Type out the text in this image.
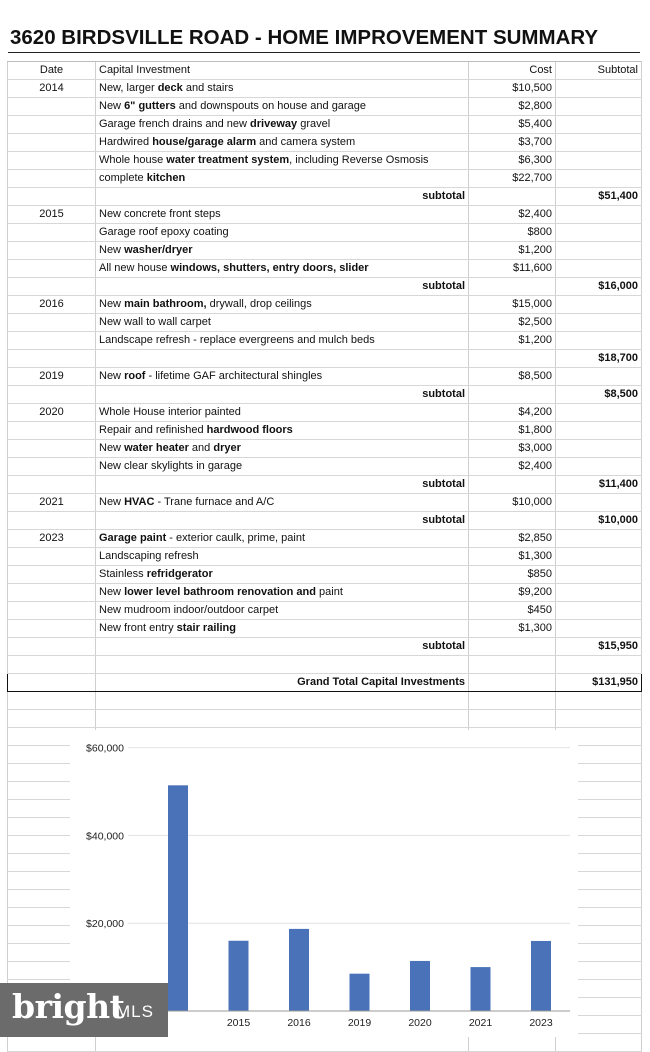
3620 BIRDSVILLE ROAD - HOME IMPROVEMENT SUMMARY
Date	Capital Investment	Cost	Subtotal
2014	New, larger deck and stairs	$10,500	
	New 6" gutters and downspouts on house and garage	$2,800	
	Garage french drains and new driveway gravel	$5,400	
	Hardwired house/garage alarm and camera system	$3,700	
	Whole house water treatment system, including Reverse Osmosis	$6,300	
	complete kitchen	$22,700	
	subtotal		$51,400
2015	New concrete front steps	$2,400	
	Garage roof epoxy coating	$800	
	New washer/dryer	$1,200	
	All new house windows, shutters, entry doors, slider	$11,600	
	subtotal		$16,000
2016	New main bathroom, drywall, drop ceilings	$15,000	
	New wall to wall carpet	$2,500	
	Landscape refresh - replace evergreens and mulch beds	$1,200	
			$18,700
2019	New roof - lifetime GAF architectural shingles	$8,500	
	subtotal		$8,500
2020	Whole House interior painted	$4,200	
	Repair and refinished hardwood floors	$1,800	
	New water heater and dryer	$3,000	
	New clear skylights in garage	$2,400	
	subtotal		$11,400
2021	New HVAC - Trane furnace and A/C	$10,000	
	subtotal		$10,000
2023	Garage paint - exterior caulk, prime, paint	$2,850	
	Landscaping refresh	$1,300	
	Stainless refridgerator	$850	
	New lower level bathroom renovation and paint	$9,200	
	New mudroom indoor/outdoor carpet	$450	
	New front entry stair railing	$1,300	
	subtotal		$15,950

	Grand Total Capital Investments		$131,950

$20,000
$40,000
$60,000
2015	2016	2019	2020	2021	2023
bright
MLS
